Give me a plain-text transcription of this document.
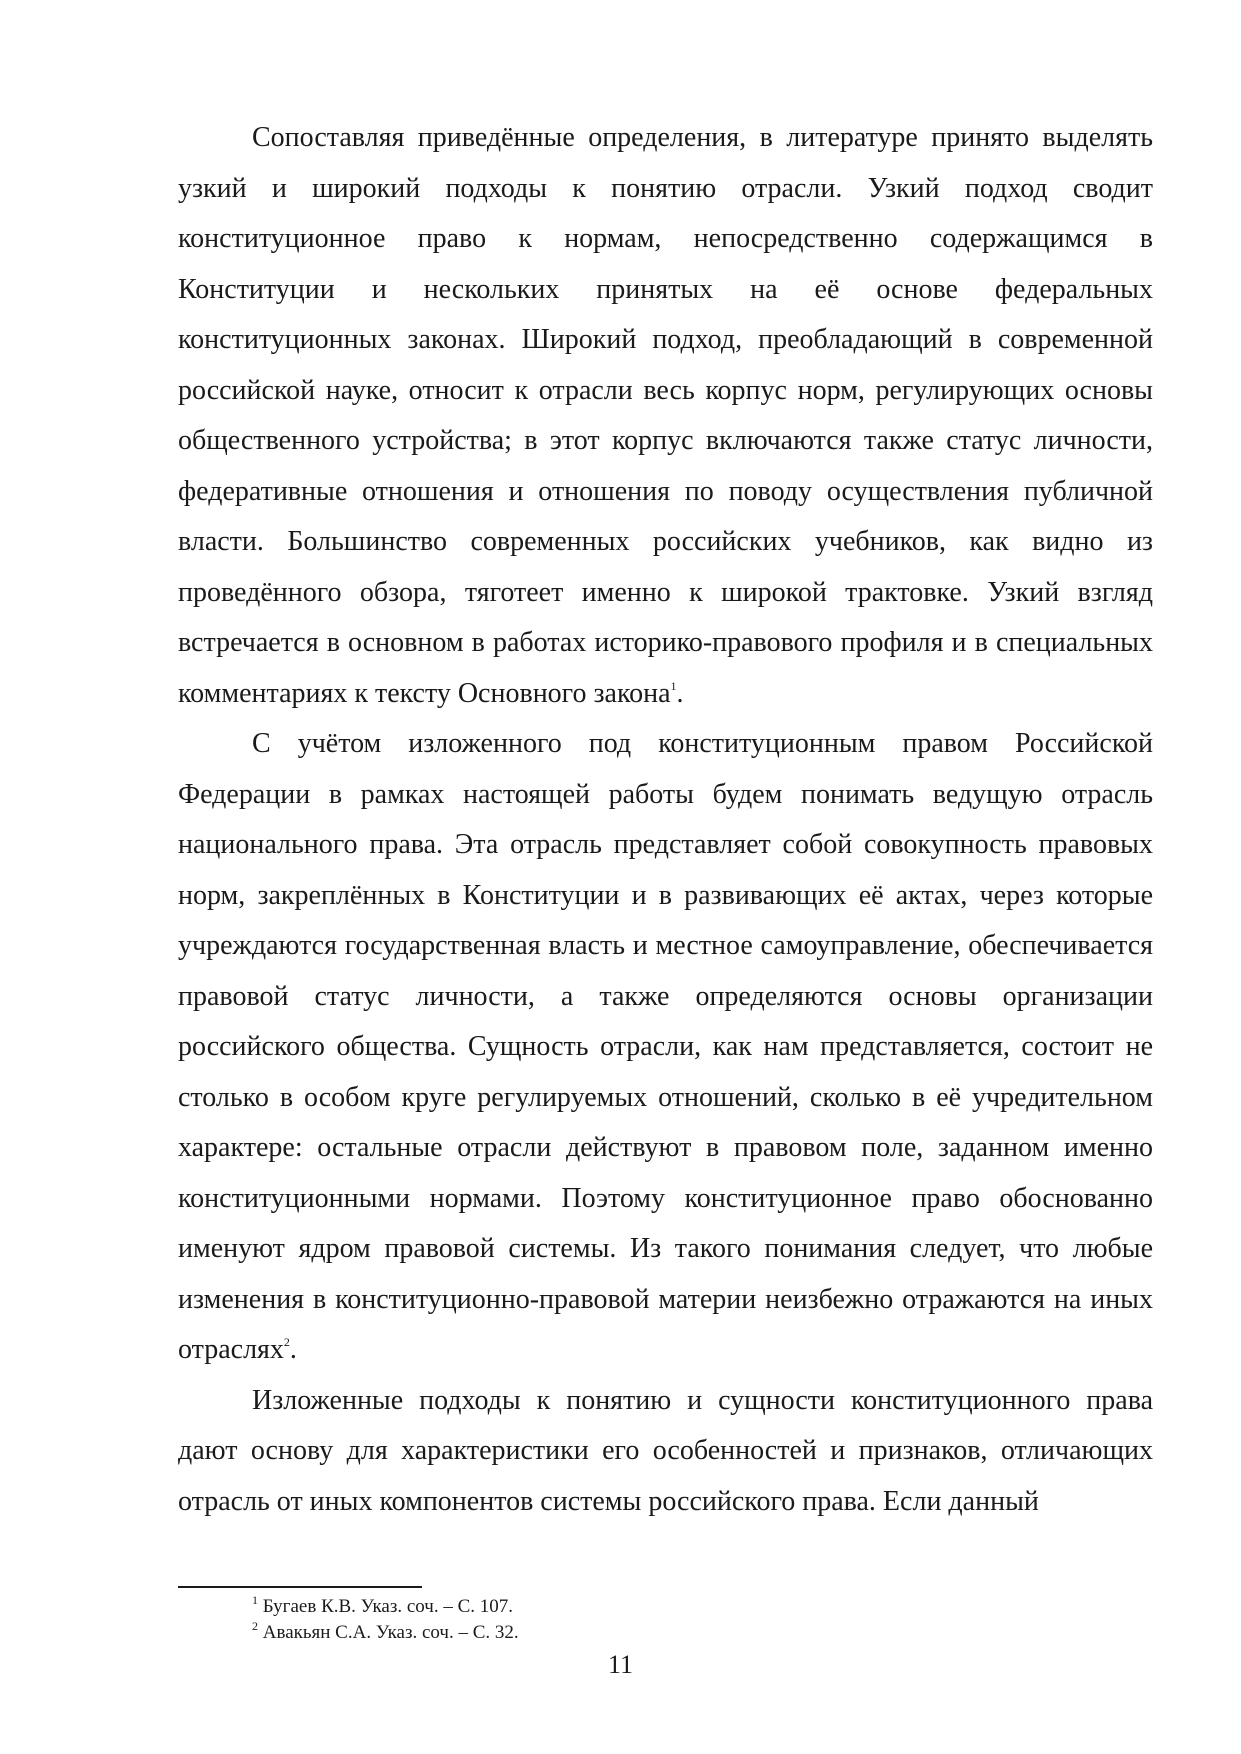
Сопоставляя приведённые определения, в литературе принято выделять узкий и широкий подходы к понятию отрасли. Узкий подход сводит конституционное право к нормам, непосредственно содержащимся в Конституции и нескольких принятых на её основе федеральных конституционных законах. Широкий подход, преобладающий в современной российской науке, относит к отрасли весь корпус норм, регулирующих основы общественного устройства; в этот корпус включаются также статус личности, федеративные отношения и отношения по поводу осуществления публичной власти. Большинство современных российских учебников, как видно из проведённого обзора, тяготеет именно к широкой трактовке. Узкий взгляд встречается в основном в работах историко-правового профиля и в специальных комментариях к тексту Основного закона$^1$.

С учётом изложенного под конституционным правом Российской Федерации в рамках настоящей работы будем понимать ведущую отрасль национального права. Эта отрасль представляет собой совокупность правовых норм, закреплённых в Конституции и в развивающих её актах, через которые учреждаются государственная власть и местное самоуправление, обеспечивается правовой статус личности, а также определяются основы организации российского общества. Сущность отрасли, как нам представляется, состоит не столько в особом круге регулируемых отношений, сколько в её учредительном характере: остальные отрасли действуют в правовом поле, заданном именно конституционными нормами. Поэтому конституционное право обоснованно именуют ядром правовой системы. Из такого понимания следует, что любые изменения в конституционно-правовой материи неизбежно отражаются на иных отраслях$^2$.

Изложенные подходы к понятию и сущности конституционного права дают основу для характеристики его особенностей и признаков, отличающих отрасль от иных компонентов системы российского права. Если данный

$^1$ Бугаев К.В. Указ. соч. – С. 107.

$^2$ Авакьян С.А. Указ. соч. – С. 32.

11
